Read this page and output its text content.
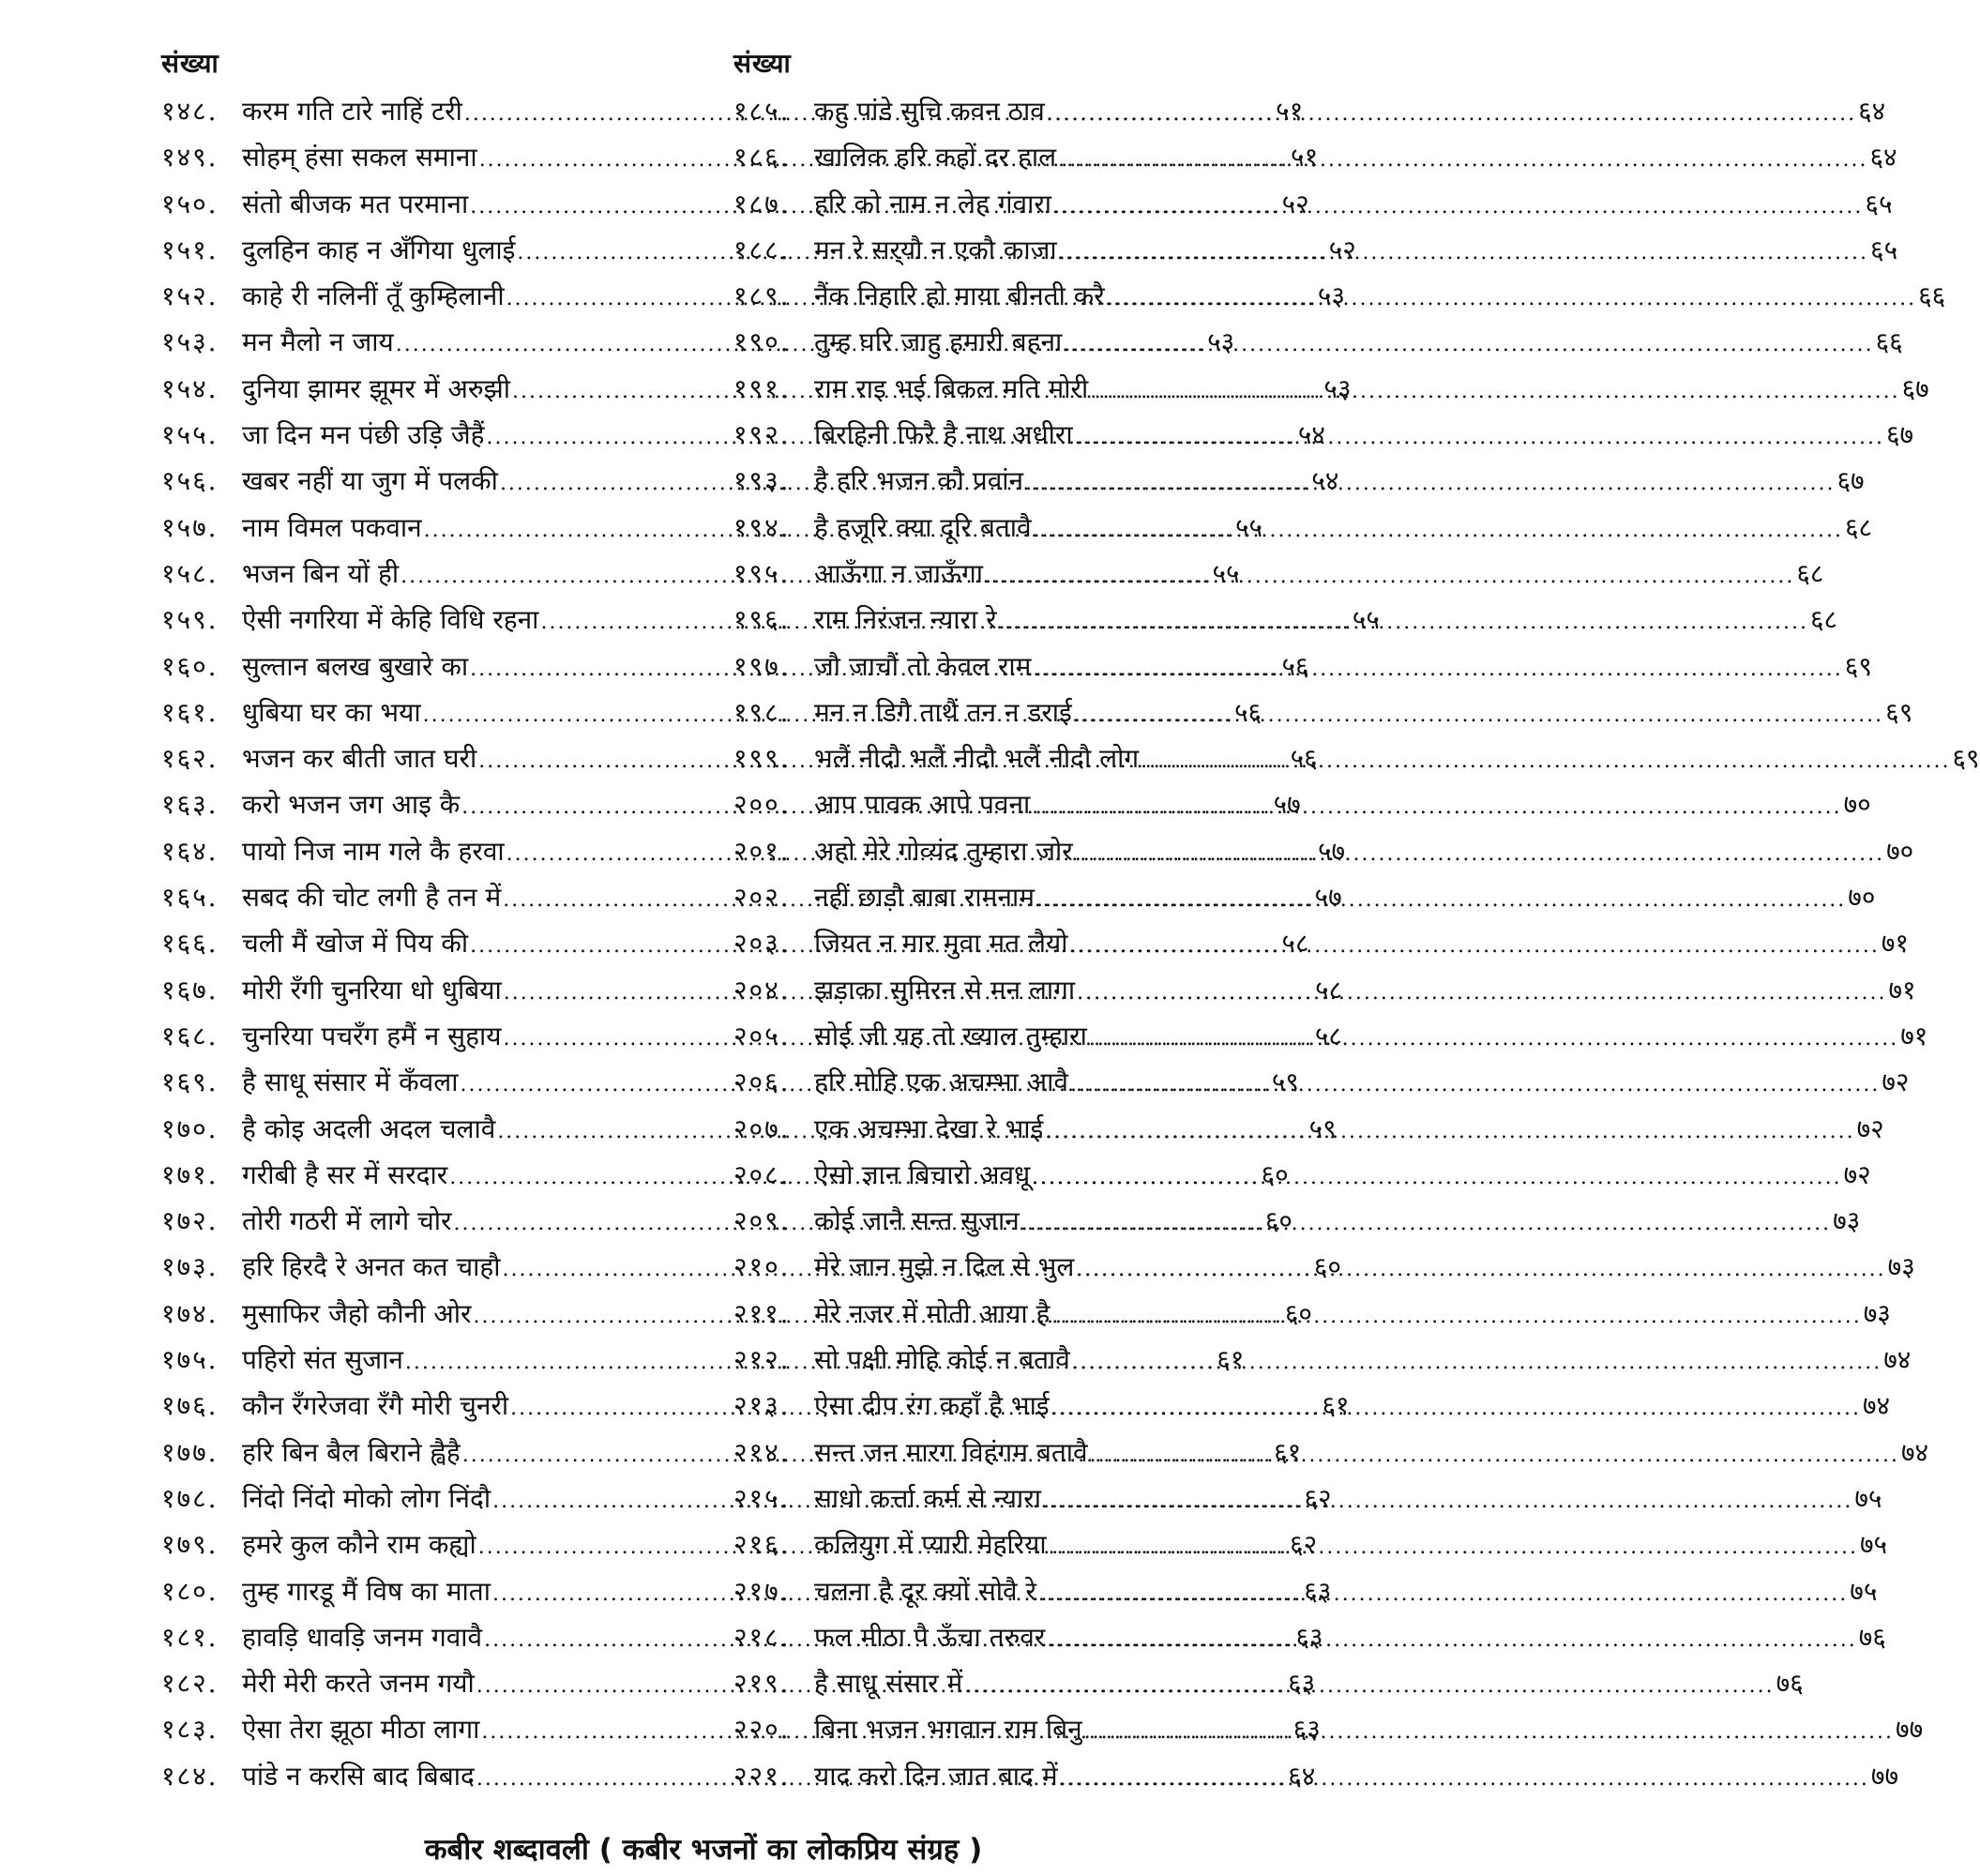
संख्या
१४८. करम गति टारे नाहिं टरी .....	५१
१४९. सोहम् हंसा सकल समाना .....	५१
१५०. संतो बीजक मत परमाना .....	५२
१५१. दुलहिन काह न अँगिया धुलाई .....	५२
१५२. काहे री नलिनीं तूँ कुम्हिलानी .....	५३
१५३. मन मैलो न जाय .....	५३
१५४. दुनिया झामर झूमर में अरुझी .....	५३
१५५. जा दिन मन पंछी उड़ि जैहैं .....	५४
१५६. खबर नहीं या जुग में पलकी .....	५४
१५७. नाम विमल पकवान .....	५५
१५८. भजन बिन यों ही .....	५५
१५९. ऐसी नगरिया में केहि विधि रहना .....	५५
१६०. सुल्तान बलख बुखारे का .....	५६
१६१. धुबिया घर का भया .....	५६
१६२. भजन कर बीती जात घरी .....	५६
१६३. करो भजन जग आइ कै .....	५७
१६४. पायो निज नाम गले कै हरवा .....	५७
१६५. सबद की चोट लगी है तन में .....	५७
१६६. चली मैं खोज में पिय की .....	५८
१६७. मोरी रँगी चुनरिया धो धुबिया .....	५८
१६८. चुनरिया पचरँग हमैं न सुहाय .....	५८
१६९. है साधू संसार में कँवला .....	५९
१७०. है कोइ अदली अदल चलावै .....	५९
१७१. गरीबी है सर में सरदार .....	६०
१७२. तोरी गठरी में लागे चोर .....	६०
१७३. हरि हिरदै रे अनत कत चाहौ .....	६०
१७४. मुसाफिर जैहो कौनी ओर .....	६०
१७५. पहिरो संत सुजान .....	६१
१७६. कौन रँगरेजवा रँगै मोरी चुनरी .....	६१
१७७. हरि बिन बैल बिराने ह्वैहै .....	६१
१७८. निंदो निंदो मोको लोग निंदौ .....	६२
१७९. हमरे कुल कौने राम कह्यो .....	६२
१८०. तुम्ह गारडू मैं विष का माता .....	६३
१८१. हावड़ि धावड़ि जनम गवावै .....	६३
१८२. मेरी मेरी करते जनम गयौ .....	६३
१८३. ऐसा तेरा झूठा मीठा लागा .....	६३
१८४. पांडे न करसि बाद बिबाद .....	६४
संख्या
१८५. कहु पांडे सुचि कवन ठाव .....	६४
१८६. खालिक हरि कहों दर हाल .....	६४
१८७. हरि को नाम न लेह गंवारा .....	६५
१८८. मन रे सर्‌यौ न एकौ काजा .....	६५
१८९. नैंक निहारि हो माया बीनती करै .....	६६
१९०. तुम्ह घरि जाहु हमारी बहना .....	६६
१९१. राम राइ भई बिकल मति मोरी .....	६७
१९२. बिरहिनी फिरै है नाथ अधीरा .....	६७
१९३. है हरि भजन कौ प्रवांन .....	६७
१९४. है हजूरि क्या दूरि बतावै .....	६८
१९५. आऊँगा न जाऊँगा .....	६८
१९६. राम निरंजन न्यारा रे .....	६८
१९७. जौ जाचौं तो केवल राम .....	६९
१९८. मन न डिगै ताथैं तन न डराई .....	६९
१९९. भलैं नीदौ भलैं नीदौ भलैं नीदौ लोग .....	६९
२००. आप पावक आपे पवना .....	७०
२०१. अहो मेरे गोव्यंद तुम्हारा जोर .....	७०
२०२. नहीं छाड़ौ बाबा रामनाम .....	७०
२०३. जियत न मार मुवा मत लैयो .....	७१
२०४. झड़ाका सुमिरन से मन लागा .....	७१
२०५. सोई जी यह तो ख्याल तुम्हारा .....	७१
२०६. हरि मोहि एक अचम्भा आवै .....	७२
२०७. एक अचम्भा देखा रे भाई .....	७२
२०८. ऐसो ज्ञान बिचारो अवधू .....	७२
२०९. कोई जानै सन्त सुजान .....	७३
२१०. मेरे जान मुझे न दिल से भुल .....	७३
२११. मेरे नजर में मोती आया है .....	७३
२१२. सो पक्षी मोहि कोई न बतावै .....	७४
२१३. ऐसा दीप रंग कहाँ है भाई .....	७४
२१४. सन्त जन मारग विहंगम बतावै .....	७४
२१५. साधो कर्त्ता कर्म से न्यारा .....	७५
२१६. कलियुग में प्यारी मेहरिया .....	७५
२१७. चलना है दूर क्यों सोवै रे .....	७५
२१८. फल मीठा पै ऊँचा तरुवर .....	७६
२१९. है साधू संसार में .....	७६
२२०. बिना भजन भगवान राम बिनु .....	७७
२२१. याद करो दिन जात बाद में .....	७७
कबीर शब्दावली ( कबीर भजनों का लोकप्रिय संग्रह )
